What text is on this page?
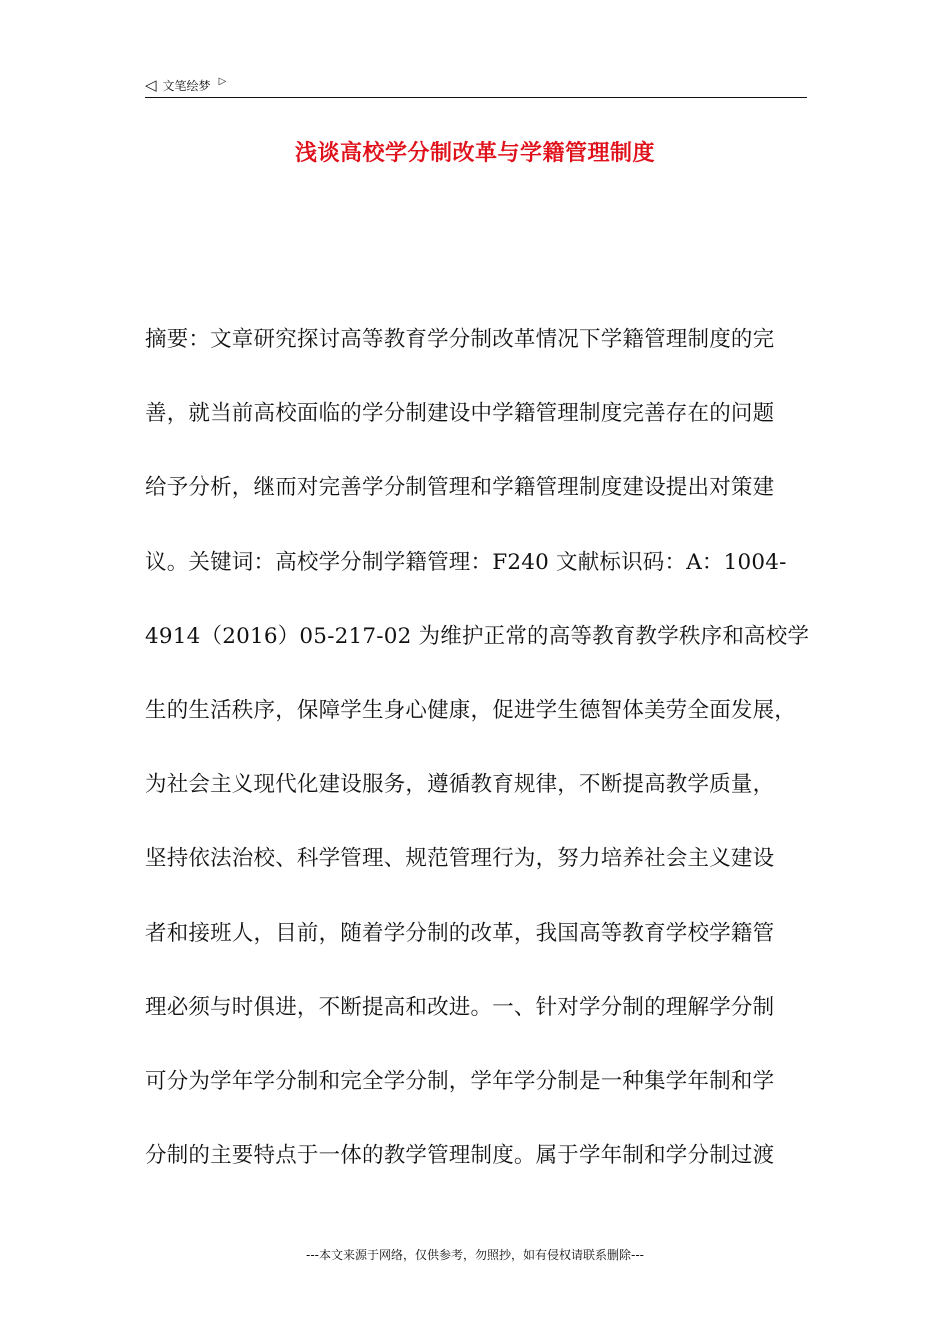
◁ 文笔绘梦 ▷
浅谈高校学分制改革与学籍管理制度
摘要：文章研究探讨高等教育学分制改革情况下学籍管理制度的完
善，就当前高校面临的学分制建设中学籍管理制度完善存在的问题
给予分析，继而对完善学分制管理和学籍管理制度建设提出对策建
议。关键词：高校学分制学籍管理：F240 文献标识码：A：1004-
4914（2016）05-217-02 为维护正常的高等教育教学秩序和高校学
生的生活秩序，保障学生身心健康，促进学生德智体美劳全面发展，
为社会主义现代化建设服务，遵循教育规律，不断提高教学质量，
坚持依法治校、科学管理、规范管理行为，努力培养社会主义建设
者和接班人，目前，随着学分制的改革，我国高等教育学校学籍管
理必须与时俱进，不断提高和改进。一、针对学分制的理解学分制
可分为学年学分制和完全学分制，学年学分制是一种集学年制和学
分制的主要特点于一体的教学管理制度。属于学年制和学分制过渡
---本文来源于网络，仅供参考，勿照抄，如有侵权请联系删除---
